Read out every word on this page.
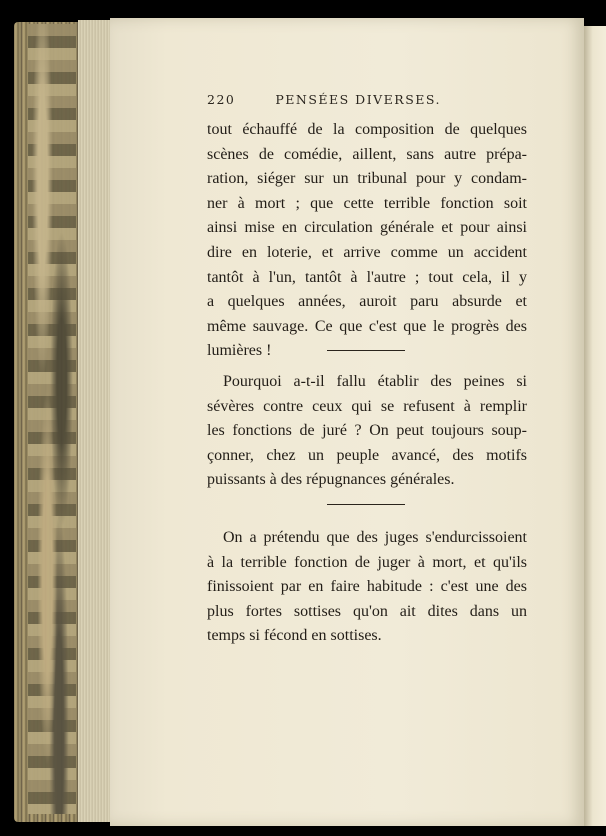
220	PENSÉES DIVERSES.
tout échauffé de la composition de quelques
scènes de comédie, aillent, sans autre prépa-
ration, siéger sur un tribunal pour y condam-
ner à mort ; que cette terrible fonction soit
ainsi mise en circulation générale et pour ainsi
dire en loterie, et arrive comme un accident
tantôt à l'un, tantôt à l'autre ; tout cela, il y
a quelques années, auroit paru absurde et
même sauvage. Ce que c'est que le progrès des
lumières !
Pourquoi a-t-il fallu établir des peines si
sévères contre ceux qui se refusent à remplir
les fonctions de juré ? On peut toujours soup-
çonner, chez un peuple avancé, des motifs
puissants à des répugnances générales.
On a prétendu que des juges s'endurcissoient
à la terrible fonction de juger à mort, et qu'ils
finissoient par en faire habitude : c'est une des
plus fortes sottises qu'on ait dites dans un
temps si fécond en sottises.
